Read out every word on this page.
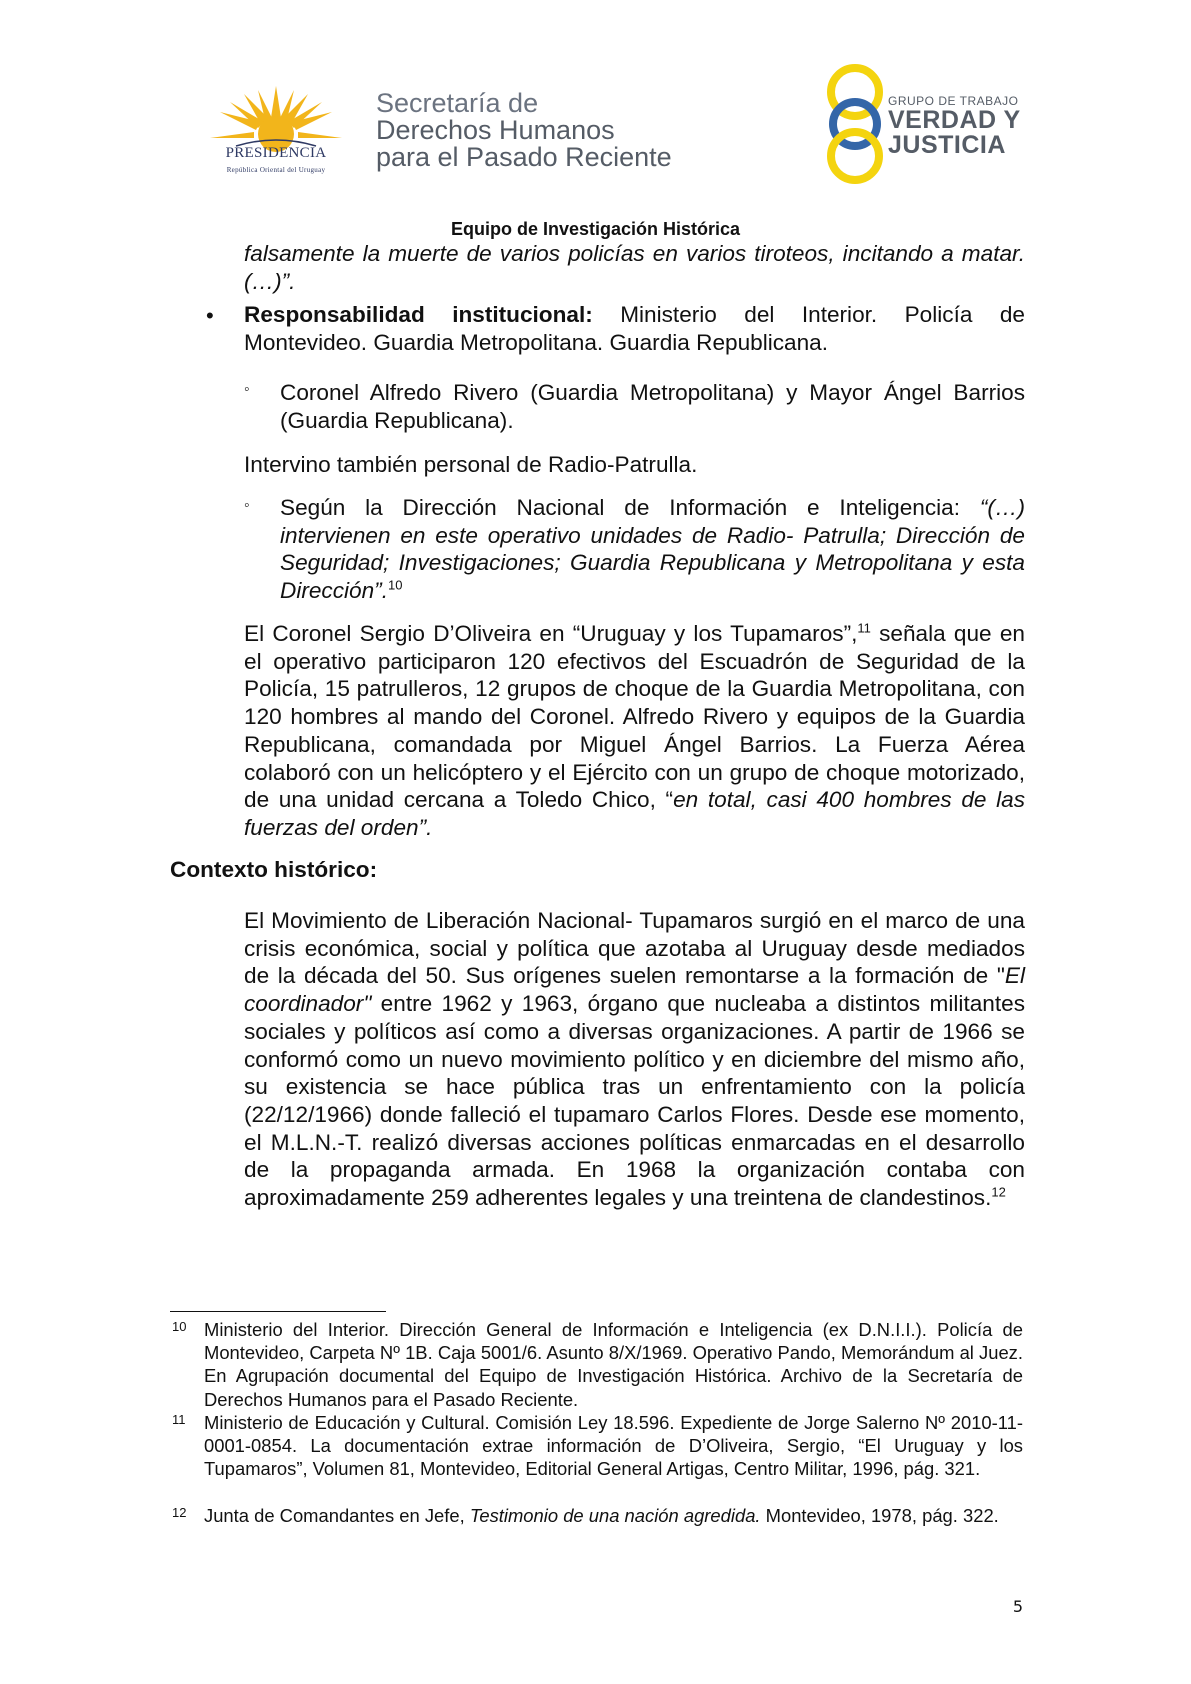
PRESIDENCIA
República Oriental del Uruguay
Secretaría de
Derechos Humanos
para el Pasado Reciente
GRUPO DE TRABAJO
VERDAD Y
JUSTICIA
Equipo de Investigación Histórica
falsamente la muerte de varios policías en varios tiroteos, incitando a matar. (…)”.
• Responsabilidad institucional: Ministerio del Interior. Policía de Montevideo. Guardia Metropolitana. Guardia Republicana.
◦ Coronel Alfredo Rivero (Guardia Metropolitana) y Mayor Ángel Barrios (Guardia Republicana).
Intervino también personal de Radio-Patrulla.
◦ Según la Dirección Nacional de Información e Inteligencia: “(…) intervienen en este operativo unidades de Radio- Patrulla; Dirección de Seguridad; Investigaciones; Guardia Republicana y Metropolitana y esta Dirección”.$^{10}$
El Coronel Sergio D’Oliveira en “Uruguay y los Tupamaros”,$^{11}$ señala que en el operativo participaron 120 efectivos del Escuadrón de Seguridad de la Policía, 15 patrulleros, 12 grupos de choque de la Guardia Metropolitana, con 120 hombres al mando del Coronel. Alfredo Rivero y equipos de la Guardia Republicana, comandada por Miguel Ángel Barrios. La Fuerza Aérea colaboró con un helicóptero y el Ejército con un grupo de choque motorizado, de una unidad cercana a Toledo Chico, “en total, casi 400 hombres de las fuerzas del orden”.
Contexto histórico:
El Movimiento de Liberación Nacional- Tupamaros surgió en el marco de una crisis económica, social y política que azotaba al Uruguay desde mediados de la década del 50. Sus orígenes suelen remontarse a la formación de "El coordinador" entre 1962 y 1963, órgano que nucleaba a distintos militantes sociales y políticos así como a diversas organizaciones. A partir de 1966 se conformó como un nuevo movimiento político y en diciembre del mismo año, su existencia se hace pública tras un enfrentamiento con la policía (22/12/1966) donde falleció el tupamaro Carlos Flores. Desde ese momento, el M.L.N.-T. realizó diversas acciones políticas enmarcadas en el desarrollo de la propaganda armada. En 1968 la organización contaba con aproximadamente 259 adherentes legales y una treintena de clandestinos.$^{12}$
10 Ministerio del Interior. Dirección General de Información e Inteligencia (ex D.N.I.I.). Policía de Montevideo, Carpeta Nº 1B. Caja 5001/6. Asunto 8/X/1969. Operativo Pando, Memorándum al Juez. En Agrupación documental del Equipo de Investigación Histórica. Archivo de la Secretaría de Derechos Humanos para el Pasado Reciente.
11 Ministerio de Educación y Cultural. Comisión Ley 18.596. Expediente de Jorge Salerno Nº 2010-11-0001-0854. La documentación extrae información de D’Oliveira, Sergio, “El Uruguay y los Tupamaros”, Volumen 81, Montevideo, Editorial General Artigas, Centro Militar, 1996, pág. 321.
12 Junta de Comandantes en Jefe, Testimonio de una nación agredida. Montevideo, 1978, pág. 322.
5
